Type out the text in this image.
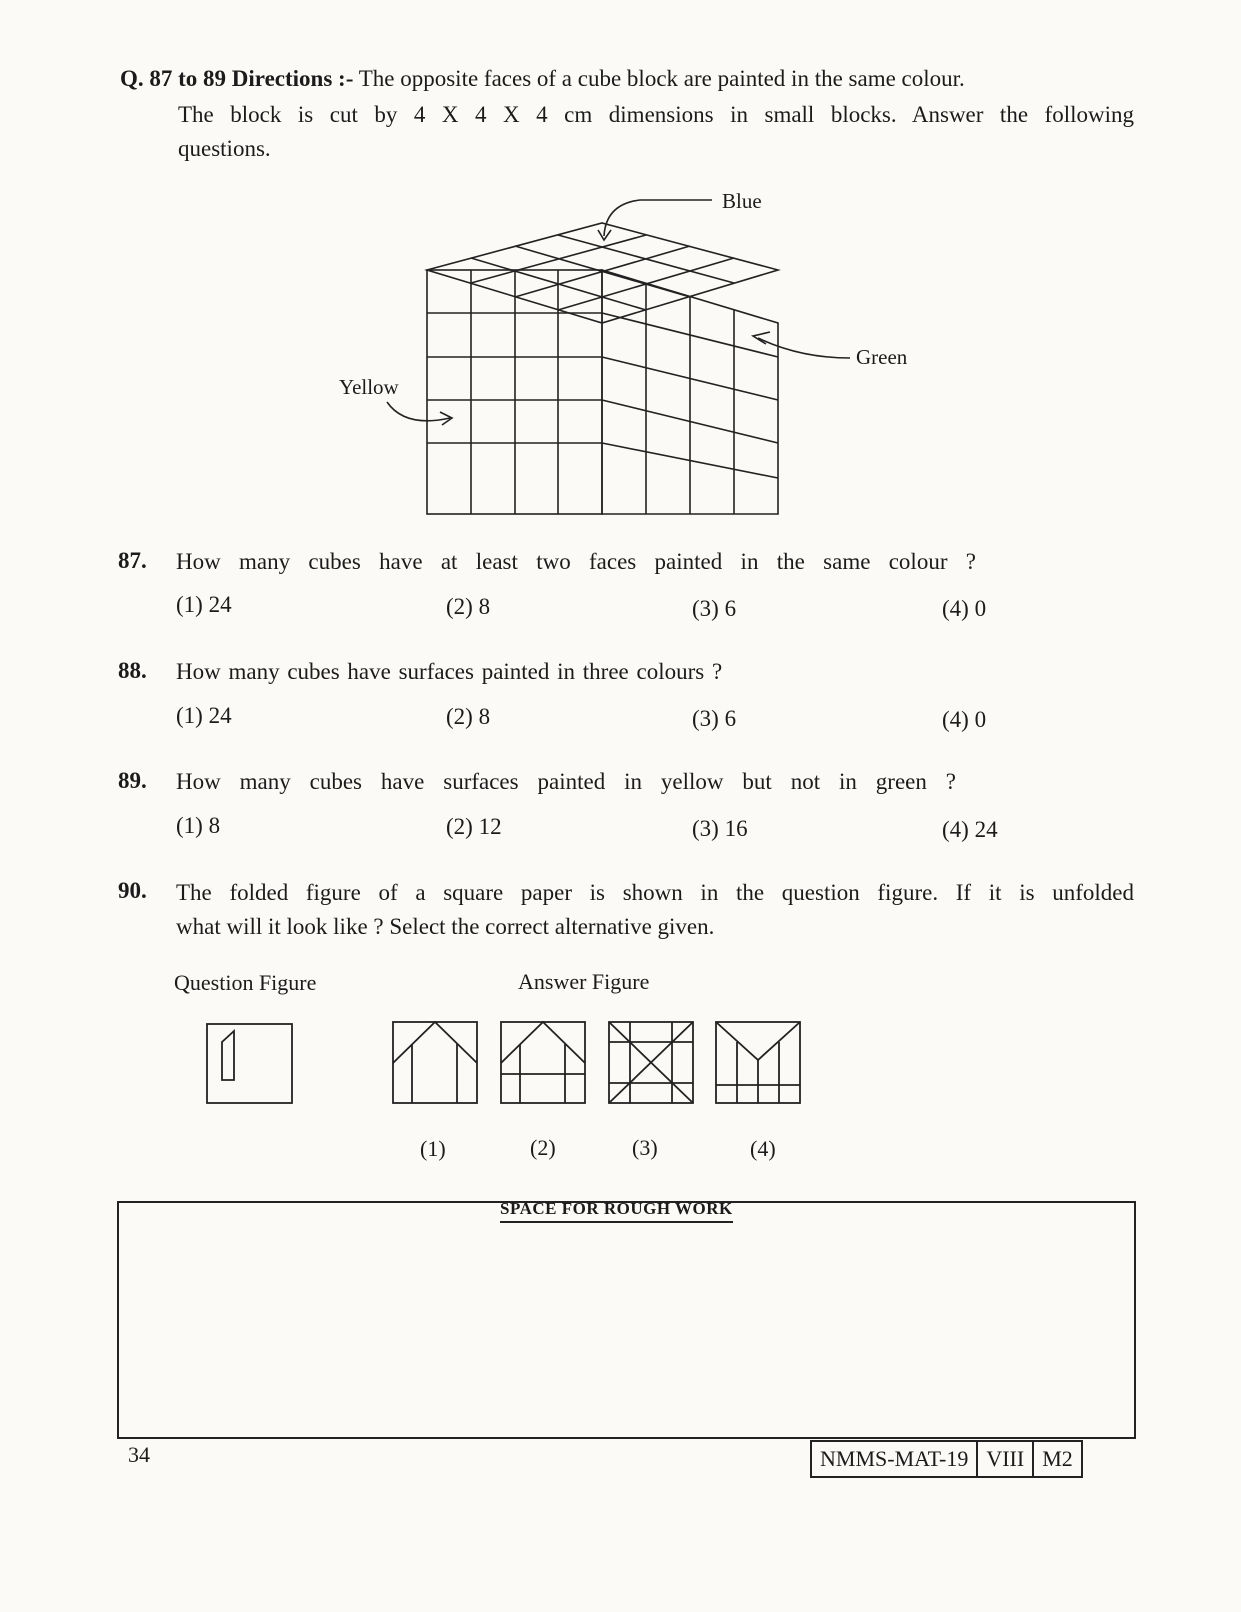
Q. 87 to 89 Directions :- The opposite faces of a cube block are painted in the same colour.
The block is cut by 4 X 4 X 4 cm dimensions in small blocks. Answer the following
questions.
Blue
Green
Yellow
87. How many cubes have at least two faces painted in the same colour ?
(1) 24	(2) 8	(3) 6	(4) 0
88. How many cubes have surfaces painted in three colours ?
(1) 24	(2) 8	(3) 6	(4) 0
89. How many cubes have surfaces painted in yellow but not in green ?
(1) 8	(2) 12	(3) 16	(4) 24
90. The folded figure of a square paper is shown in the question figure. If it is unfolded
what will it look like ? Select the correct alternative given.
Question Figure	Answer Figure
(1)	(2)	(3)	(4)
SPACE FOR ROUGH WORK
34	NMMS-MAT-19 VIII M2
